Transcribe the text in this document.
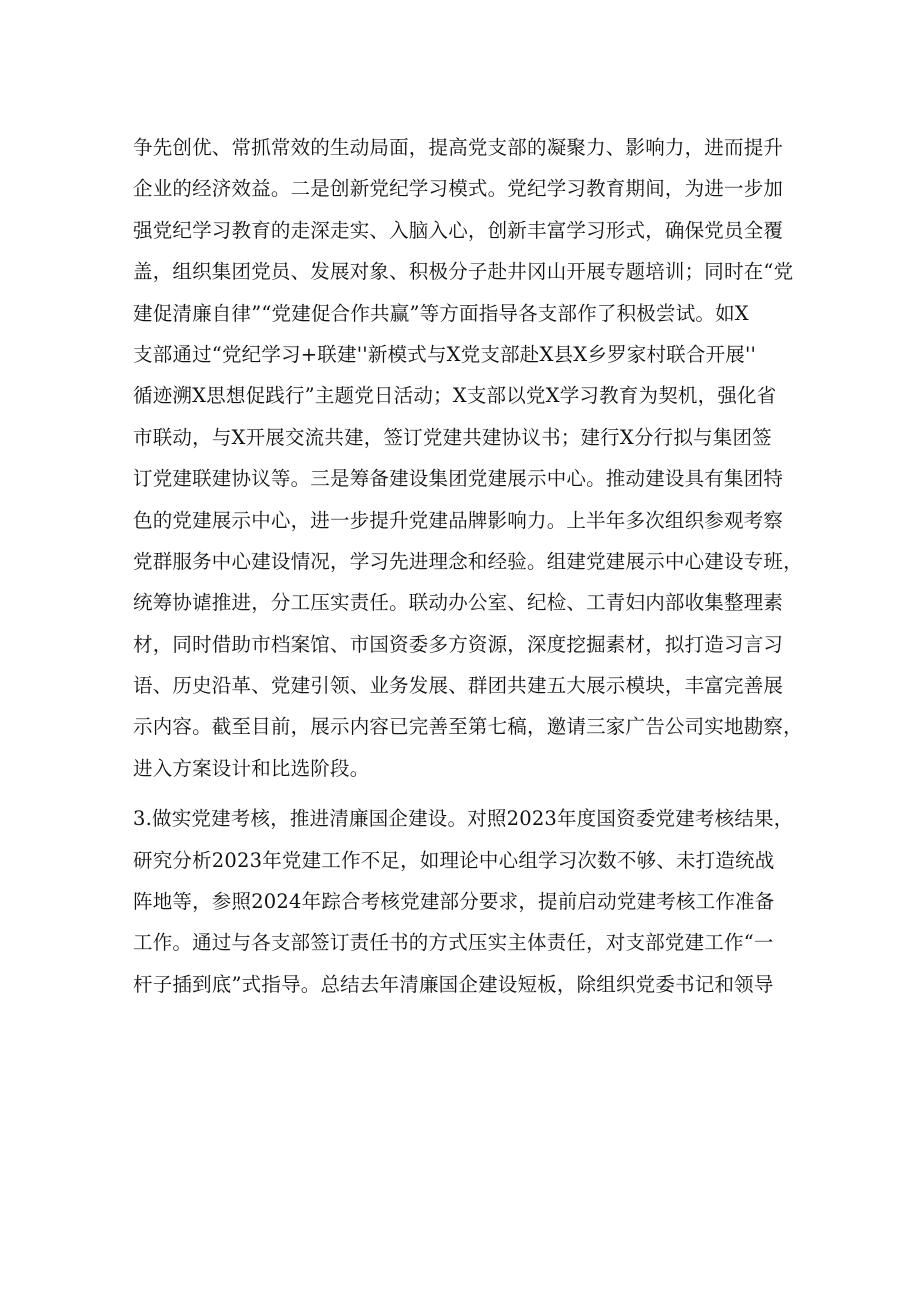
争先创优、常抓常效的生动局面，提高党支部的凝聚力、影响力，进而提升
企业的经济效益。二是创新党纪学习模式。党纪学习教育期间，为进一步加
强党纪学习教育的走深走实、入脑入心，创新丰富学习形式，确保党员全覆
盖，组织集团党员、发展对象、积极分子赴井冈山开展专题培训；同时在“党
建促清廉自律”“党建促合作共赢”等方面指导各支部作了积极尝试。如X
支部通过“党纪学习+联建''新模式与X党支部赴X县X乡罗家村联合开展''
循迹溯X思想促践行”主题党日活动；X支部以党X学习教育为契机，强化省
市联动，与X开展交流共建，签订党建共建协议书；建行X分行拟与集团签
订党建联建协议等。三是筹备建设集团党建展示中心。推动建设具有集团特
色的党建展示中心，进一步提升党建品牌影响力。上半年多次组织参观考察
党群服务中心建设情况，学习先进理念和经验。组建党建展示中心建设专班，
统筹协谑推进，分工压实责任。联动办公室、纪检、工青妇内部收集整理素
材，同时借助市档案馆、市国资委多方资源，深度挖掘素材，拟打造习言习
语、历史沿革、党建引领、业务发展、群团共建五大展示模块，丰富完善展
示内容。截至目前，展示内容已完善至第七稿，邀请三家广告公司实地勘察，
进入方案设计和比选阶段。
3.做实党建考核，推进清廉国企建设。对照2023年度国资委党建考核结果，
研究分析2023年党建工作不足，如理论中心组学习次数不够、未打造统战
阵地等，参照2024年踪合考核党建部分要求，提前启动党建考核工作准备
工作。通过与各支部签订责任书的方式压实主体责任，对支部党建工作“一
杆子插到底”式指导。总结去年清廉国企建设短板，除组织党委书记和领导
